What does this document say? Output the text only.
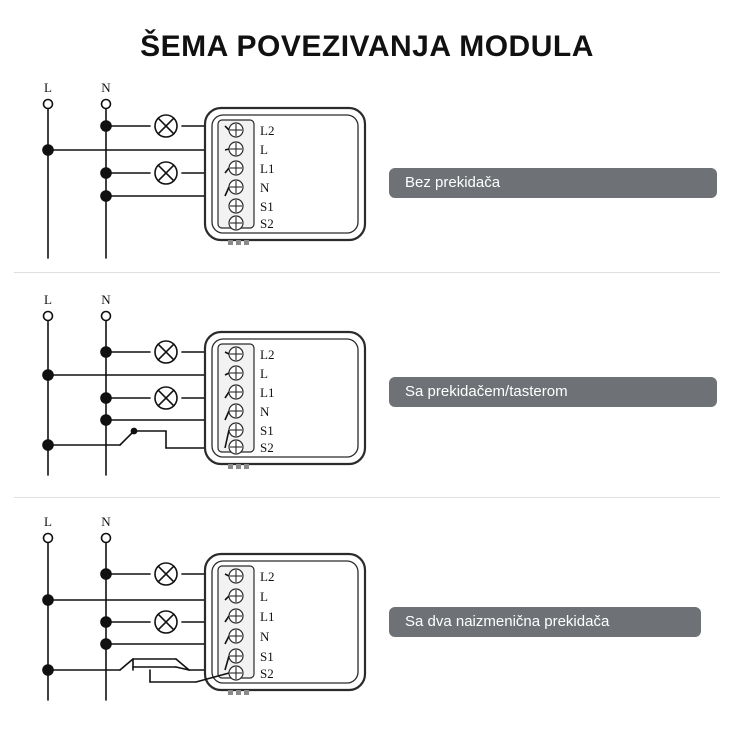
ŠEMA POVEZIVANJA MODULA
L	N
L2
L
L1
N
S1
S2
Bez prekidača
L	N
L2
L
L1
N
S1
S2
Sa prekidačem/tasterom
L	N
L2
L
L1
N
S1
S2
Sa dva naizmenična prekidača
